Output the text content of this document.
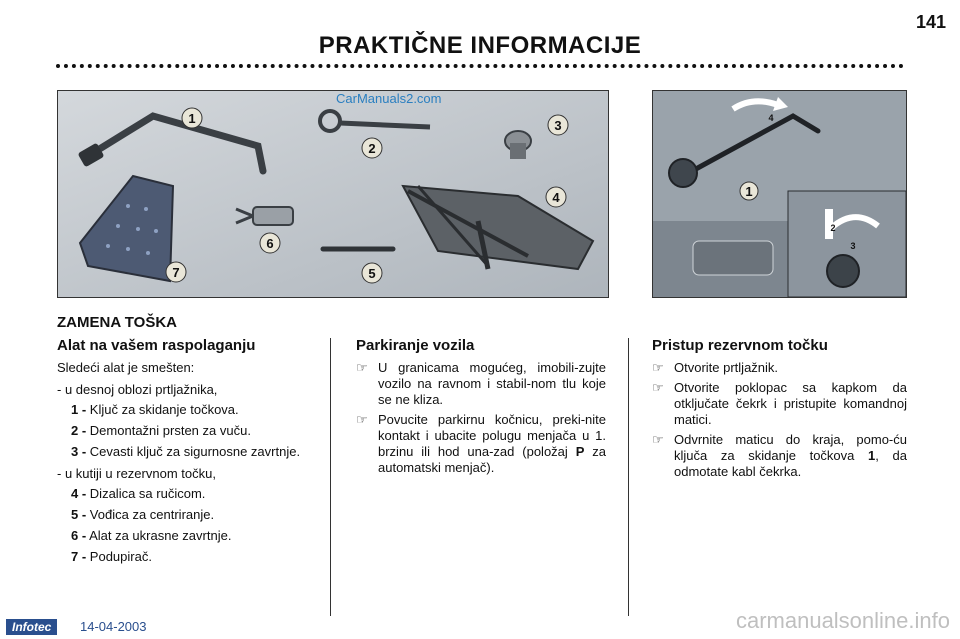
141
PRAKTIČNE INFORMACIJE
1
2
3
4
5
6
7
CarManuals2.com
1
4
2
3
ZAMENA TOŠKA
Alat na vašem raspolaganju
Sledeći alat je smešten:
- u desnoj oblozi prtljažnika,
1 - Ključ za skidanje točkova.
2 - Demontažni prsten za vuču.
3 - Cevasti ključ za sigurnosne zavrtnje.
- u kutiji u rezervnom točku,
4 - Dizalica sa ručicom.
5 - Vođica za centriranje.
6 - Alat za ukrasne zavrtnje.
7 - Podupirač.
Parkiranje vozila
☞ U granicama mogućeg, imobili-zujte vozilo na ravnom i stabil-nom tlu koje se ne kliza.
☞ Povucite parkirnu kočnicu, preki-nite kontakt i ubacite polugu menjača u 1. brzinu ili hod una-zad (položaj P za automatski menjač).
Pristup rezervnom točku
☞ Otvorite prtljažnik.
☞ Otvorite poklopac sa kapkom da otključate čekrk i pristupite komandnoj matici.
☞ Odvrnite maticu do kraja, pomo-ću ključa za skidanje točkova 1, da odmotate kabl čekrka.
Infotec	14-04-2003	carmanualsonline.info
